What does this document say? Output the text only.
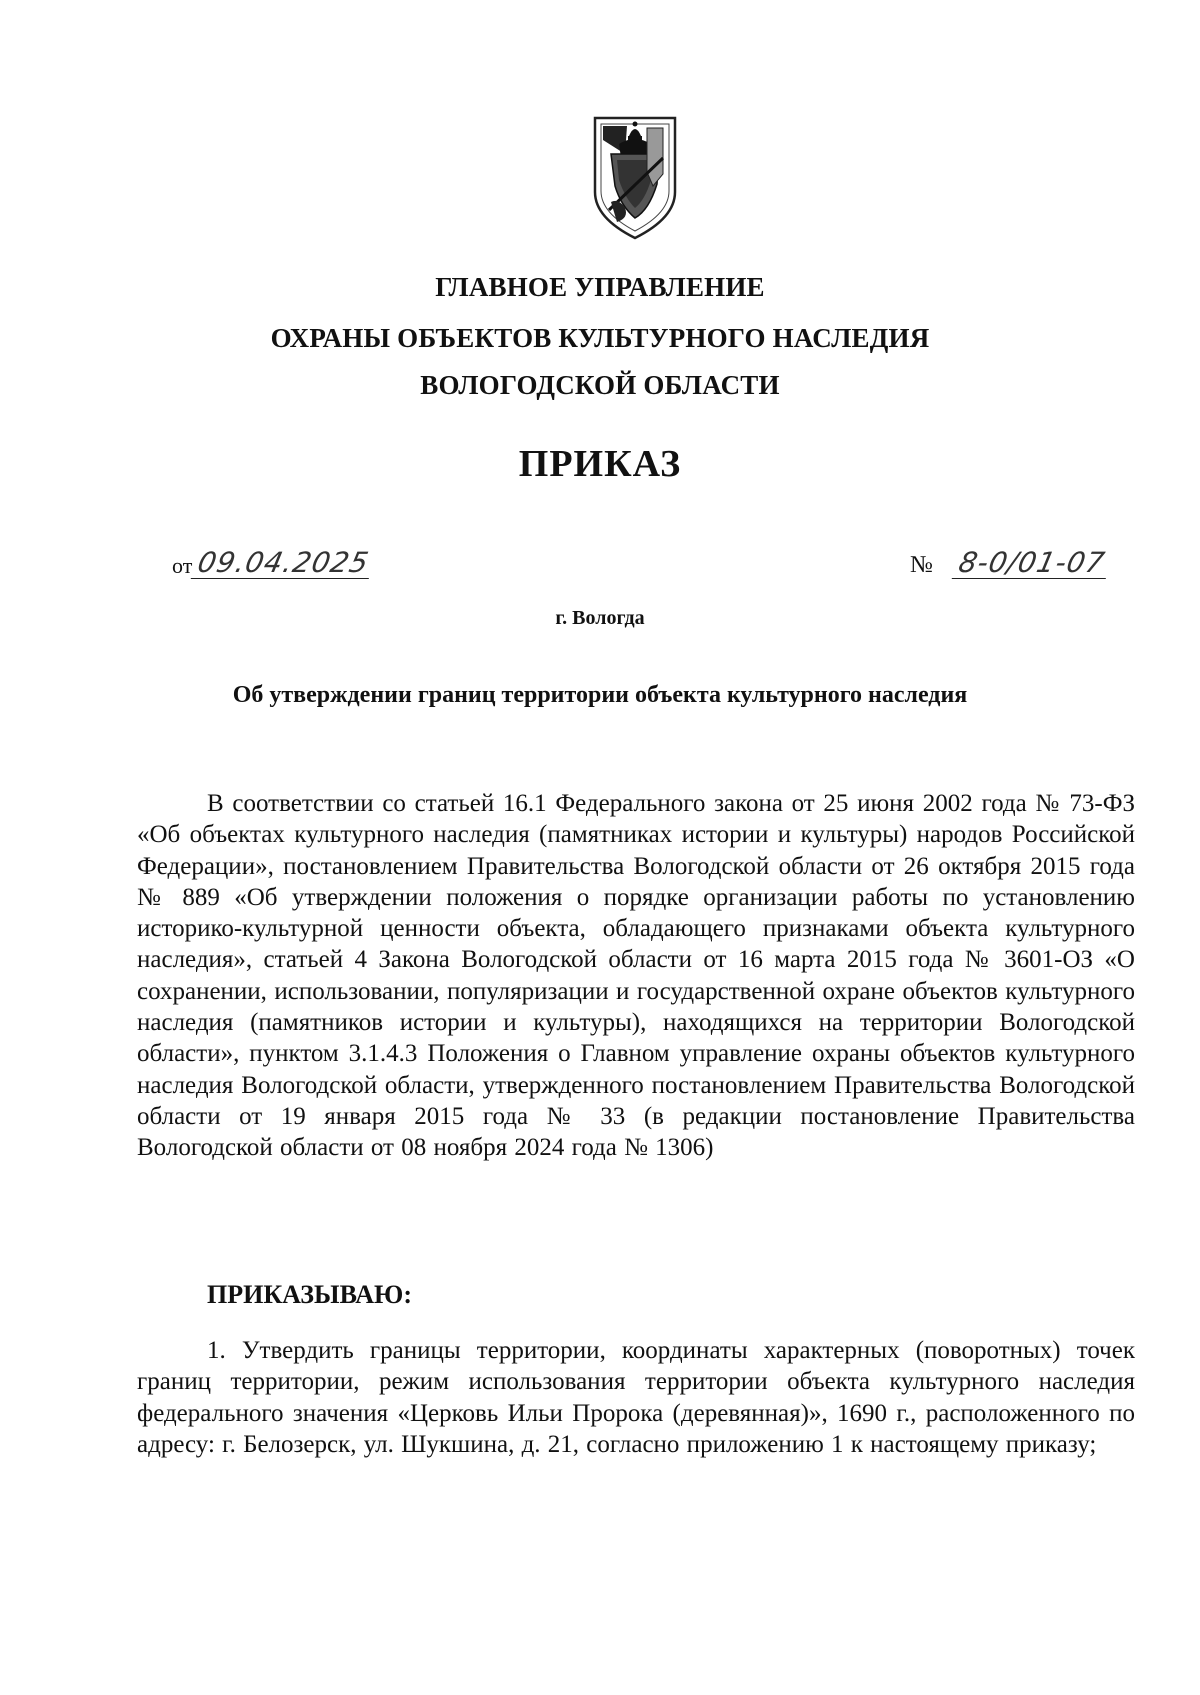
ГЛАВНОЕ УПРАВЛЕНИЕ
ОХРАНЫ ОБЪЕКТОВ КУЛЬТУРНОГО НАСЛЕДИЯ
ВОЛОГОДСКОЙ ОБЛАСТИ
ПРИКАЗ
от 09.04.2025	№ 8-0/01-07
г. Вологда
Об утверждении границ территории объекта культурного наследия
В соответствии со статьей 16.1 Федерального закона от 25 июня 2002 года № 73-ФЗ «Об объектах культурного наследия (памятниках истории и культуры) народов Российской Федерации», постановлением Правительства Вологодской области от 26 октября 2015 года № 889 «Об утверждении положения о порядке организации работы по установлению историко-культурной ценности объекта, обладающего признаками объекта культурного наследия», статьей 4 Закона Вологодской области от 16 марта 2015 года № 3601-ОЗ «О сохранении, использовании, популяризации и государственной охране объектов культурного наследия (памятников истории и культуры), находящихся на территории Вологодской области», пунктом 3.1.4.3 Положения о Главном управление охраны объектов культурного наследия Вологодской области, утвержденного постановлением Правительства Вологодской области от 19 января 2015 года № 33 (в редакции постановление Правительства Вологодской области от 08 ноября 2024 года № 1306)
ПРИКАЗЫВАЮ:
1. Утвердить границы территории, координаты характерных (поворотных) точек границ территории, режим использования территории объекта культурного наследия федерального значения «Церковь Ильи Пророка (деревянная)», 1690 г., расположенного по адресу: г. Белозерск, ул. Шукшина, д. 21, согласно приложению 1 к настоящему приказу;
